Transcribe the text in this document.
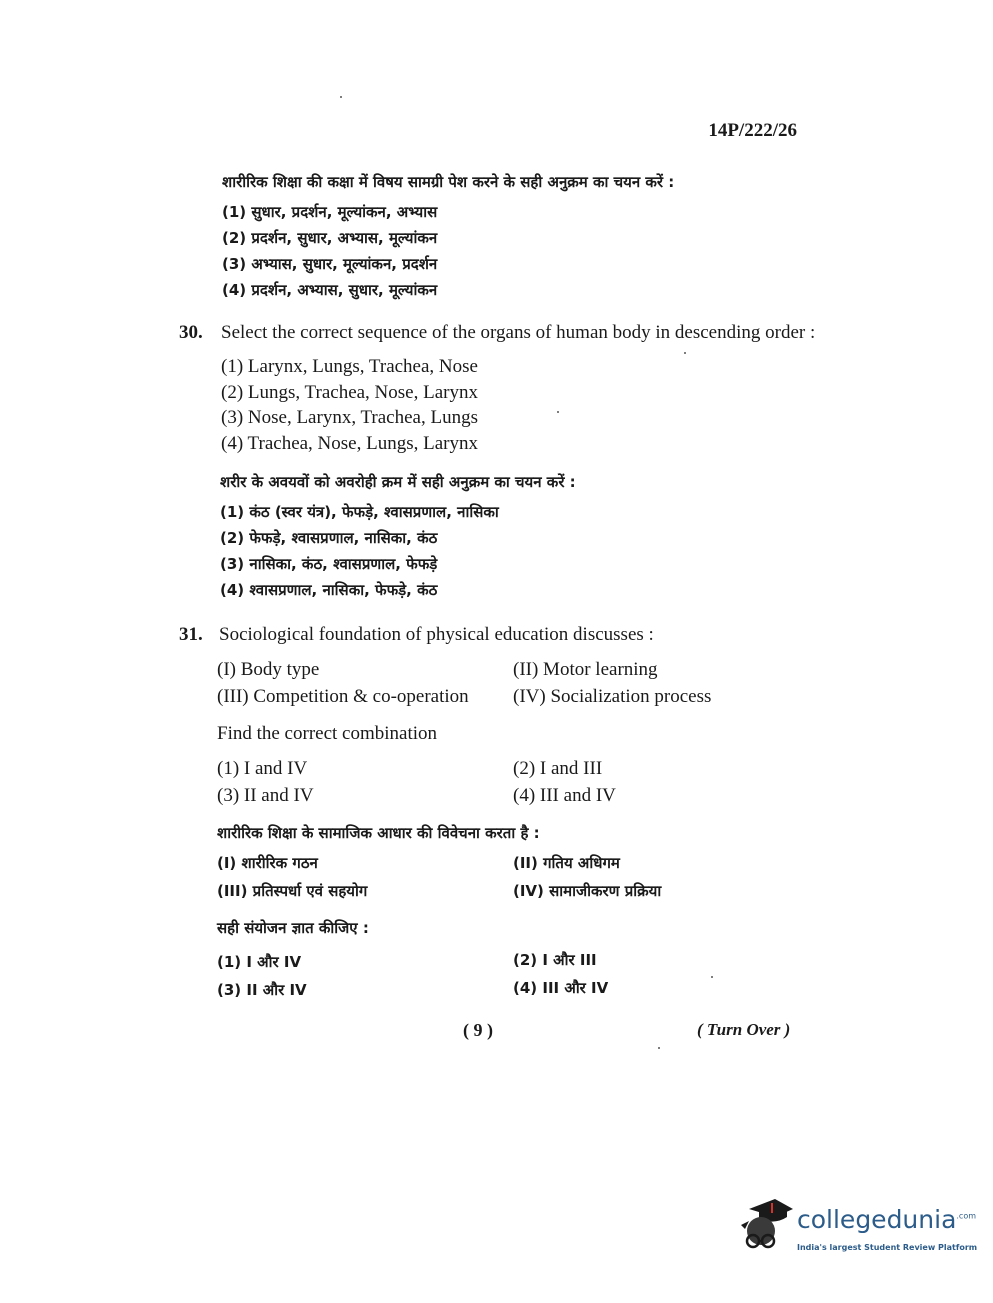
14P/222/26
शारीरिक शिक्षा की कक्षा में विषय सामग्री पेश करने के सही अनुक्रम का चयन करें :
(1) सुधार, प्रदर्शन, मूल्यांकन, अभ्यास
(2) प्रदर्शन, सुधार, अभ्यास, मूल्यांकन
(3) अभ्यास, सुधार, मूल्यांकन, प्रदर्शन
(4) प्रदर्शन, अभ्यास, सुधार, मूल्यांकन
30. Select the correct sequence of the organs of human body in descending order :
(1) Larynx, Lungs, Trachea, Nose
(2) Lungs, Trachea, Nose, Larynx
(3) Nose, Larynx, Trachea, Lungs
(4) Trachea, Nose, Lungs, Larynx
शरीर के अवयवों को अवरोही क्रम में सही अनुक्रम का चयन करें :
(1) कंठ (स्वर यंत्र), फेफड़े, श्वासप्रणाल, नासिका
(2) फेफड़े, श्वासप्रणाल, नासिका, कंठ
(3) नासिका, कंठ, श्वासप्रणाल, फेफड़े
(4) श्वासप्रणाल, नासिका, फेफड़े, कंठ
31. Sociological foundation of physical education discusses :
(I) Body type	(II) Motor learning
(III) Competition & co-operation (IV) Socialization process
Find the correct combination
(1) I and IV	(2) I and III
(3) II and IV	(4) III and IV
शारीरिक शिक्षा के सामाजिक आधार की विवेचना करता है :
(I) शारीरिक गठन	(II) गतिय अधिगम
(III) प्रतिस्पर्धा एवं सहयोग	(IV) सामाजीकरण प्रक्रिया
सही संयोजन ज्ञात कीजिए :
(1) I और IV	(2) I और III
(3) II और IV	(4) III और IV
( 9 )	( Turn Over )
collegedunia$^{.com}$
India's largest Student Review Platform
